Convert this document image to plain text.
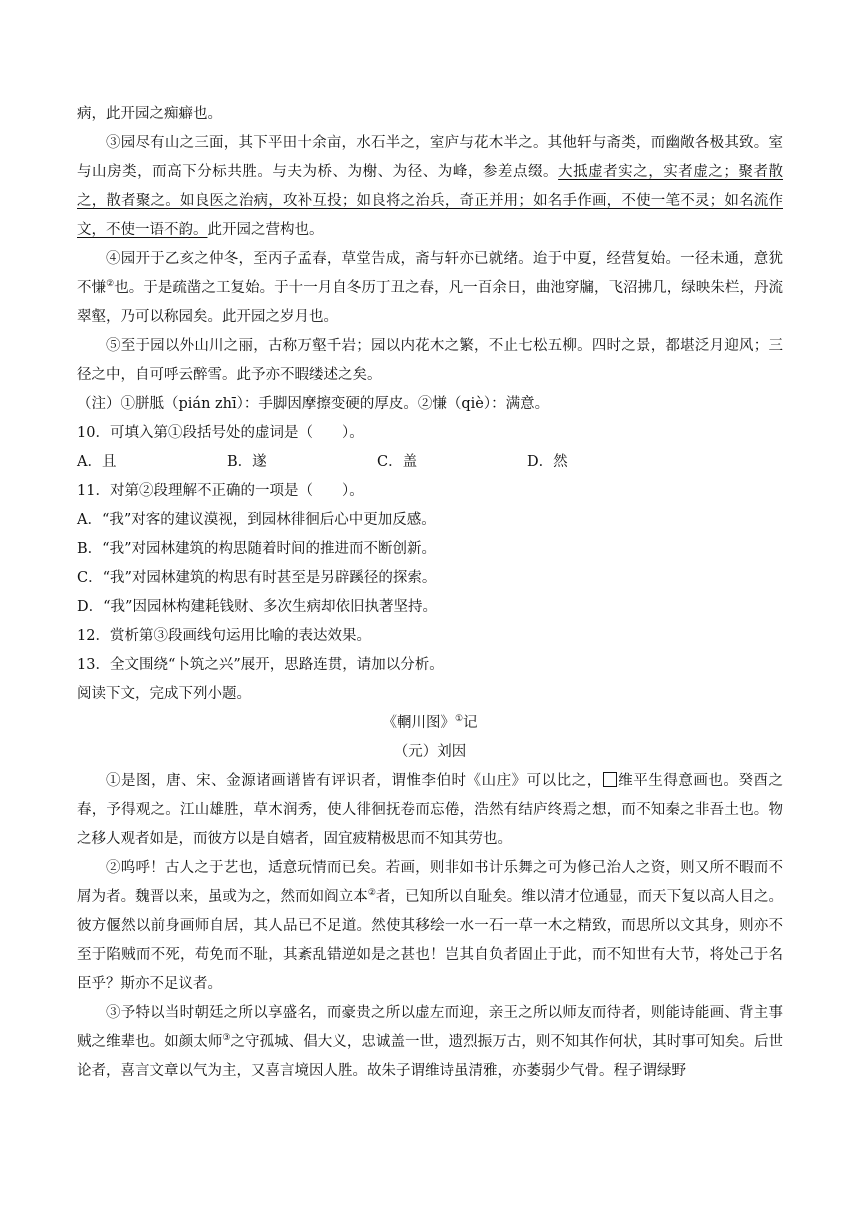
病，此开园之痴癖也。

③园尽有山之三面，其下平田十余亩，水石半之，室庐与花木半之。其他轩与斋类，而幽敞各极其致。室与山房类，而高下分标共胜。与夫为桥、为榭、为径、为峰，参差点缀。大抵虚者实之，实者虚之；聚者散之，散者聚之。如良医之治病，攻补互投；如良将之治兵，奇正并用；如名手作画，不使一笔不灵；如名流作文，不使一语不韵。此开园之营构也。

④园开于乙亥之仲冬，至丙子孟春，草堂告成，斋与轩亦已就绪。迨于中夏，经营复始。一径未通，意犹不慊②也。于是疏凿之工复始。于十一月自冬历丁丑之春，凡一百余日，曲池穿牖，飞沼拂几，绿映朱栏，丹流翠壑，乃可以称园矣。此开园之岁月也。

⑤至于园以外山川之丽，古称万壑千岩；园以内花木之繁，不止七松五柳。四时之景，都堪泛月迎风；三径之中，自可呼云醉雪。此予亦不暇缕述之矣。

（注）①胼胝（pián zhī）：手脚因摩擦变硬的厚皮。②慊（qiè）：满意。

10．可填入第①段括号处的虚词是（　　）。

A．且	B．遂	C．盖	D．然

11．对第②段理解不正确的一项是（　　）。

A．“我”对客的建议漠视，到园林徘徊后心中更加反感。

B．“我”对园林建筑的构思随着时间的推进而不断创新。

C．“我”对园林建筑的构思有时甚至是另辟蹊径的探索。

D．“我”因园林构建耗钱财、多次生病却依旧执著坚持。

12．赏析第③段画线句运用比喻的表达效果。

13．全文围绕“卜筑之兴”展开，思路连贯，请加以分析。

阅读下文，完成下列小题。

《輞川图》①记

（元）刘因

①是图，唐、宋、金源诸画谱皆有评识者，谓惟李伯时《山庄》可以比之， 维平生得意画也。癸酉之春，予得观之。江山雄胜，草木润秀，使人徘徊抚卷而忘倦，浩然有结庐终焉之想，而不知秦之非吾土也。物之移人观者如是，而彼方以是自嬉者，固宜疲精极思而不知其劳也。

②呜呼！古人之于艺也，适意玩情而已矣。若画，则非如书计乐舞之可为修己治人之资，则又所不暇而不屑为者。魏晋以来，虽或为之，然而如阎立本②者，已知所以自耻矣。维以清才位通显，而天下复以高人目之。彼方偃然以前身画师自居，其人品已不足道。然使其移绘一水一石一草一木之精致，而思所以文其身，则亦不至于陷贼而不死，苟免而不耻，其紊乱错逆如是之甚也！岂其自负者固止于此，而不知世有大节，将处己于名臣乎？斯亦不足议者。

③予特以当时朝廷之所以享盛名，而豪贵之所以虚左而迎，亲王之所以师友而待者，则能诗能画、背主事贼之维辈也。如颜太师③之守孤城、倡大义，忠诚盖一世，遗烈振万古，则不知其作何状，其时事可知矣。后世论者，喜言文章以气为主，又喜言境因人胜。故朱子谓维诗虽清雅，亦萎弱少气骨。程子谓绿野
